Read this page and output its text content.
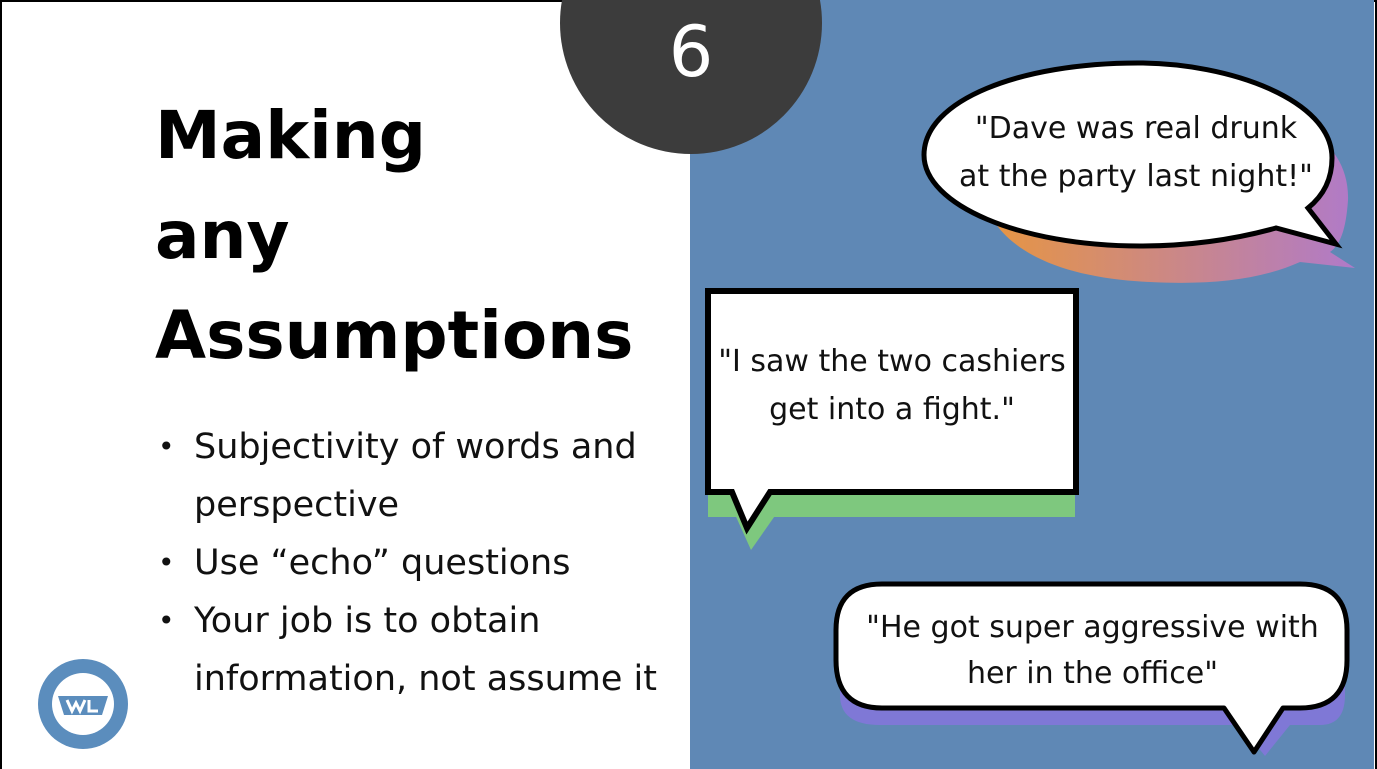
6
Making
any
Assumptions
• Subjectivity of words and perspective
• Use “echo” questions
• Your job is to obtain information, not assume it
"Dave was real drunk at the party last night!"
"I saw the two cashiers get into a fight."
"He got super aggressive with her in the office"
